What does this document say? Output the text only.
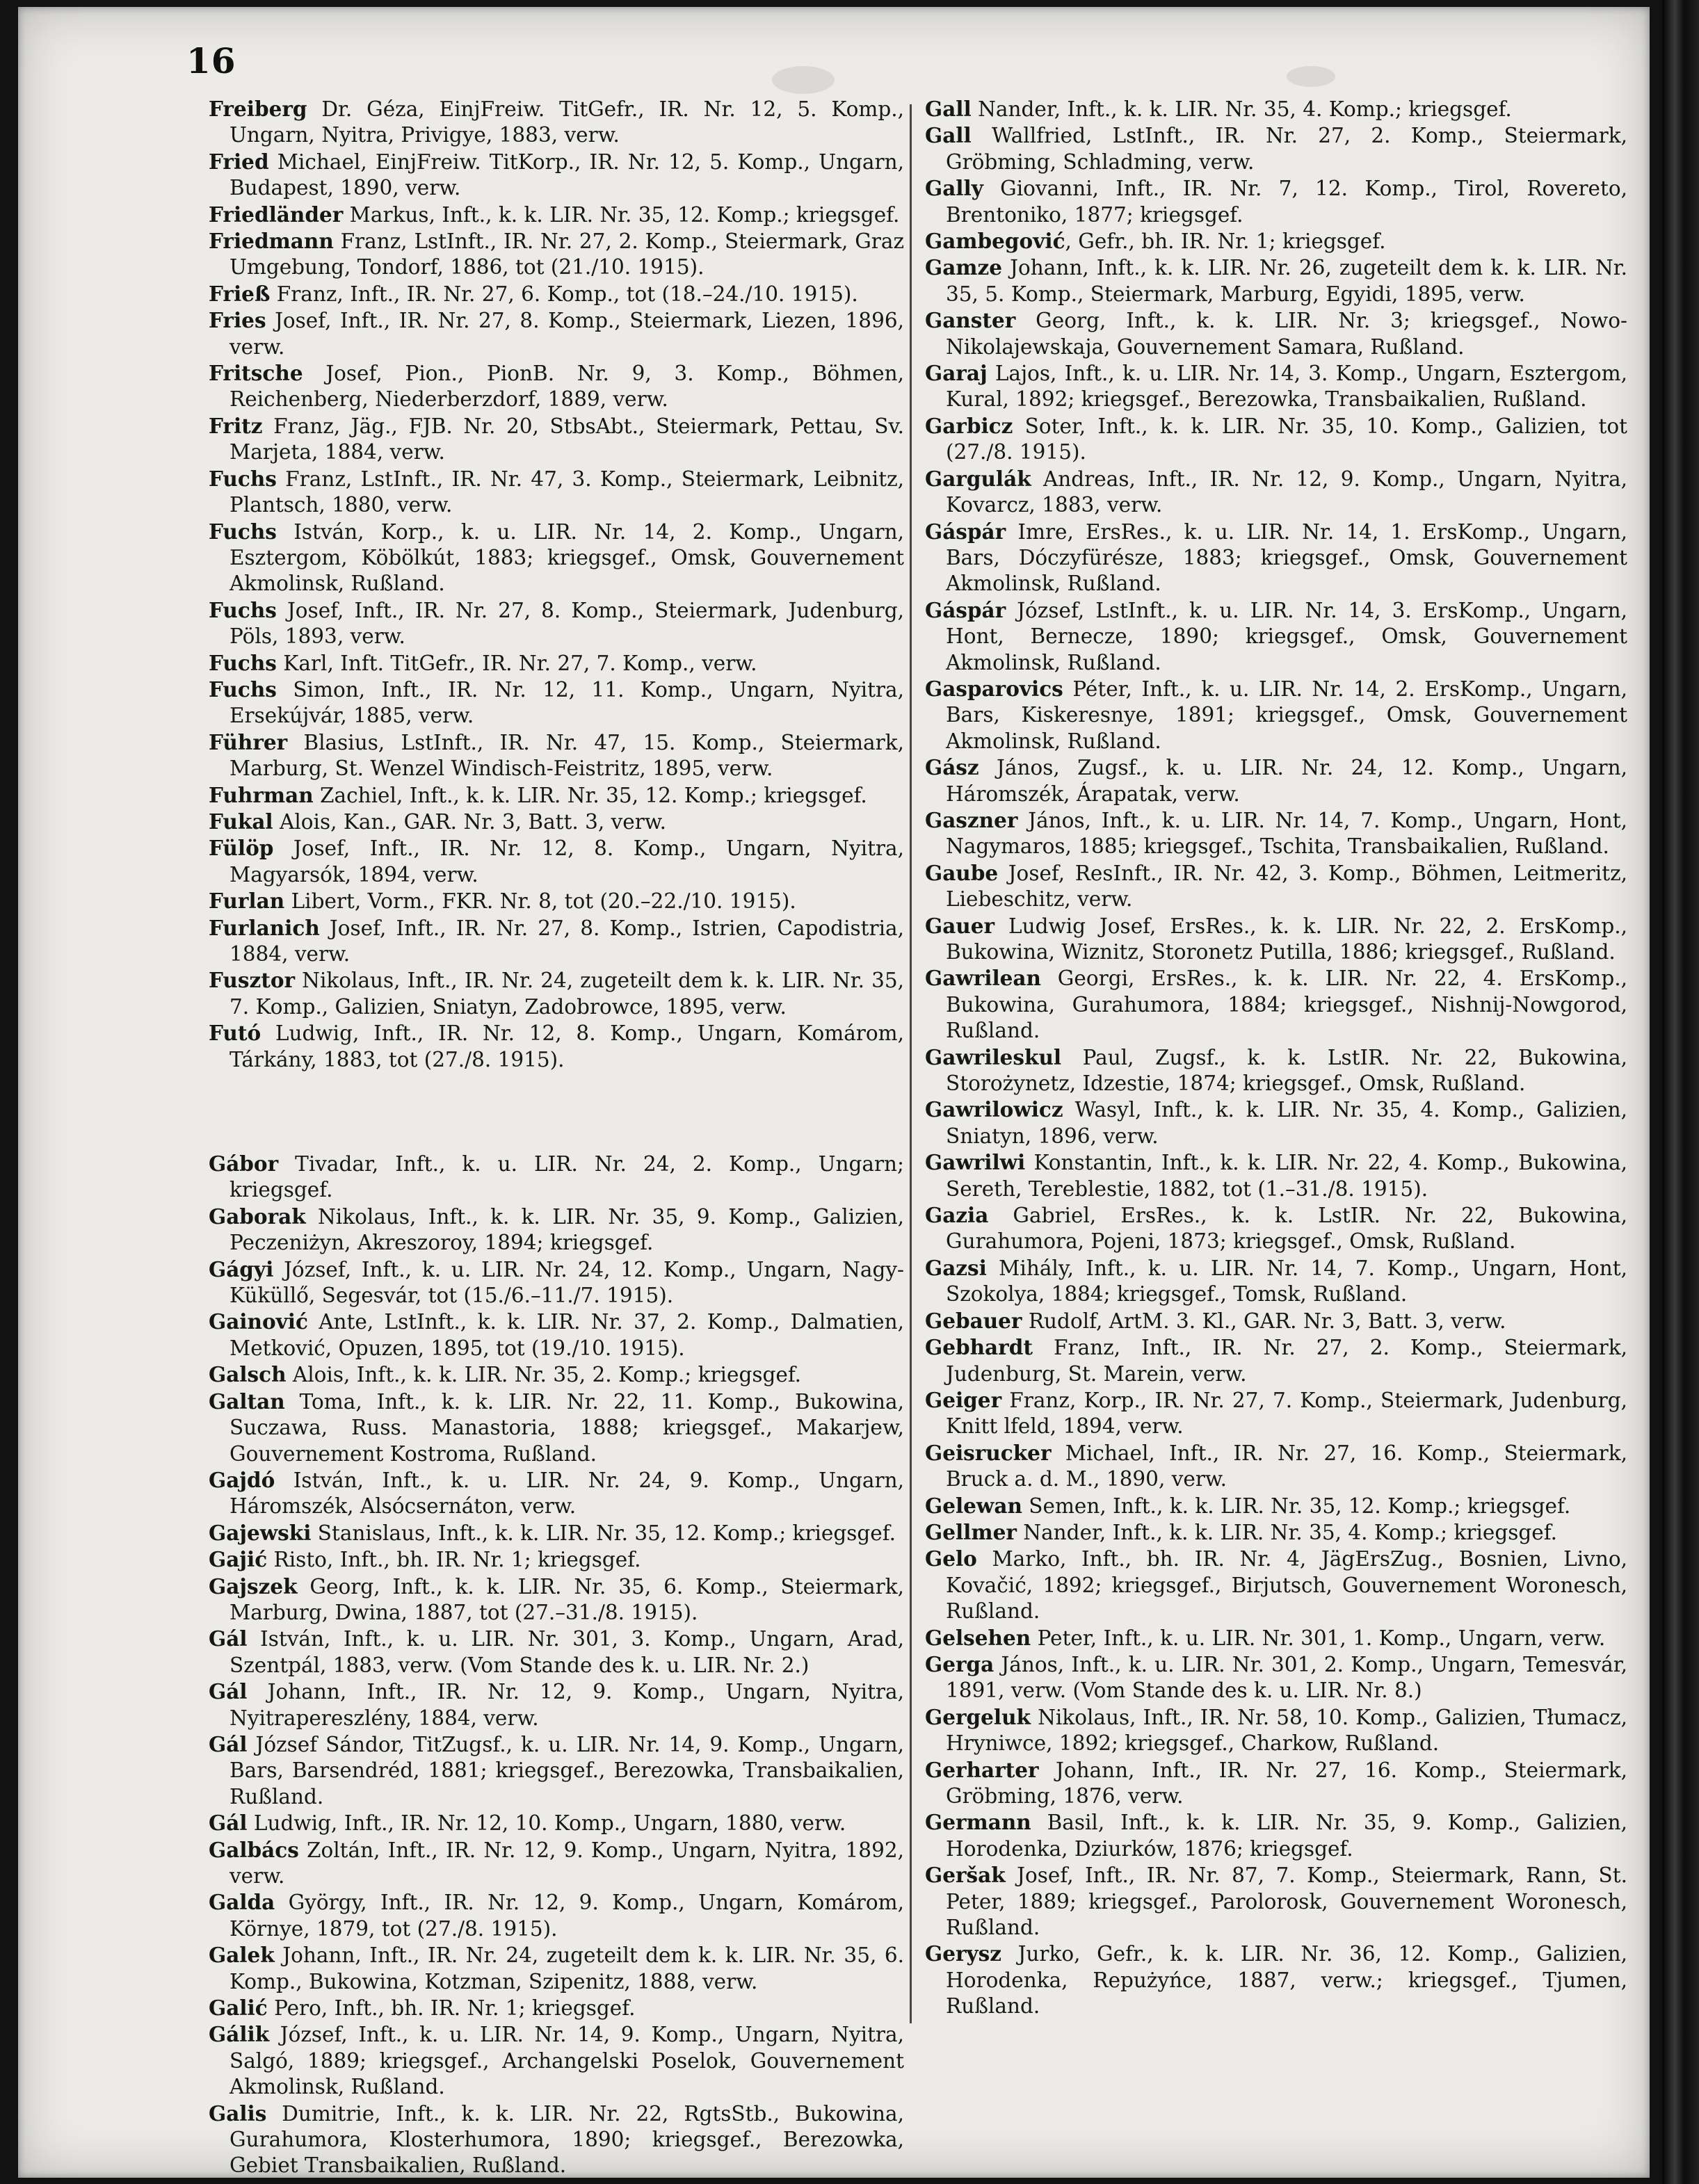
16

Freiberg Dr. Géza, EinjFreiw. TitGefr., IR. Nr. 12, 5. Komp., Ungarn, Nyitra, Privigye, 1883, verw.

Fried Michael, EinjFreiw. TitKorp., IR. Nr. 12, 5. Komp., Ungarn, Budapest, 1890, verw.

Friedländer Markus, Inft., k. k. LIR. Nr. 35, 12. Komp.; kriegsgef.

Friedmann Franz, LstInft., IR. Nr. 27, 2. Komp., Steiermark, Graz Umgebung, Tondorf, 1886, tot (21./10. 1915).

Frieß Franz, Inft., IR. Nr. 27, 6. Komp., tot (18.–24./10. 1915).

Fries Josef, Inft., IR. Nr. 27, 8. Komp., Steiermark, Liezen, 1896, verw.

Fritsche Josef, Pion., PionB. Nr. 9, 3. Komp., Böhmen, Reichenberg, Niederberzdorf, 1889, verw.

Fritz Franz, Jäg., FJB. Nr. 20, StbsAbt., Steiermark, Pettau, Sv. Marjeta, 1884, verw.

Fuchs Franz, LstInft., IR. Nr. 47, 3. Komp., Steiermark, Leibnitz, Plantsch, 1880, verw.

Fuchs István, Korp., k. u. LIR. Nr. 14, 2. Komp., Ungarn, Esztergom, Köbölkút, 1883; kriegsgef., Omsk, Gouvernement Akmolinsk, Rußland.

Fuchs Josef, Inft., IR. Nr. 27, 8. Komp., Steiermark, Judenburg, Pöls, 1893, verw.

Fuchs Karl, Inft. TitGefr., IR. Nr. 27, 7. Komp., verw.

Fuchs Simon, Inft., IR. Nr. 12, 11. Komp., Ungarn, Nyitra, Ersekújvár, 1885, verw.

Führer Blasius, LstInft., IR. Nr. 47, 15. Komp., Steiermark, Marburg, St. Wenzel Windisch-Feistritz, 1895, verw.

Fuhrman Zachiel, Inft., k. k. LIR. Nr. 35, 12. Komp.; kriegsgef.

Fukal Alois, Kan., GAR. Nr. 3, Batt. 3, verw.

Fülöp Josef, Inft., IR. Nr. 12, 8. Komp., Ungarn, Nyitra, Magyarsók, 1894, verw.

Furlan Libert, Vorm., FKR. Nr. 8, tot (20.–22./10. 1915).

Furlanich Josef, Inft., IR. Nr. 27, 8. Komp., Istrien, Capodistria, 1884, verw.

Fusztor Nikolaus, Inft., IR. Nr. 24, zugeteilt dem k. k. LIR. Nr. 35, 7. Komp., Galizien, Sniatyn, Zadobrowce, 1895, verw.

Futó Ludwig, Inft., IR. Nr. 12, 8. Komp., Ungarn, Komárom, Tárkány, 1883, tot (27./8. 1915).

Gábor Tivadar, Inft., k. u. LIR. Nr. 24, 2. Komp., Ungarn; kriegsgef.

Gaborak Nikolaus, Inft., k. k. LIR. Nr. 35, 9. Komp., Galizien, Peczeniżyn, Akreszoroy, 1894; kriegsgef.

Gágyi József, Inft., k. u. LIR. Nr. 24, 12. Komp., Ungarn, Nagy-Küküllő, Segesvár, tot (15./6.–11./7. 1915).

Gainović Ante, LstInft., k. k. LIR. Nr. 37, 2. Komp., Dalmatien, Metković, Opuzen, 1895, tot (19./10. 1915).

Galsch Alois, Inft., k. k. LIR. Nr. 35, 2. Komp.; kriegsgef.

Galtan Toma, Inft., k. k. LIR. Nr. 22, 11. Komp., Bukowina, Suczawa, Russ. Manastoria, 1888; kriegsgef., Makarjew, Gouvernement Kostroma, Rußland.

Gajdó István, Inft., k. u. LIR. Nr. 24, 9. Komp., Ungarn, Háromszék, Alsócsernáton, verw.

Gajewski Stanislaus, Inft., k. k. LIR. Nr. 35, 12. Komp.; kriegsgef.

Gajić Risto, Inft., bh. IR. Nr. 1; kriegsgef.

Gajszek Georg, Inft., k. k. LIR. Nr. 35, 6. Komp., Steiermark, Marburg, Dwina, 1887, tot (27.–31./8. 1915).

Gál István, Inft., k. u. LIR. Nr. 301, 3. Komp., Ungarn, Arad, Szentpál, 1883, verw. (Vom Stande des k. u. LIR. Nr. 2.)

Gál Johann, Inft., IR. Nr. 12, 9. Komp., Ungarn, Nyitra, Nyitrapereszlény, 1884, verw.

Gál József Sándor, TitZugsf., k. u. LIR. Nr. 14, 9. Komp., Ungarn, Bars, Barsendréd, 1881; kriegsgef., Berezowka, Transbaikalien, Rußland.

Gál Ludwig, Inft., IR. Nr. 12, 10. Komp., Ungarn, 1880, verw.

Galbács Zoltán, Inft., IR. Nr. 12, 9. Komp., Ungarn, Nyitra, 1892, verw.

Galda György, Inft., IR. Nr. 12, 9. Komp., Ungarn, Komárom, Környe, 1879, tot (27./8. 1915).

Galek Johann, Inft., IR. Nr. 24, zugeteilt dem k. k. LIR. Nr. 35, 6. Komp., Bukowina, Kotzman, Szipenitz, 1888, verw.

Galić Pero, Inft., bh. IR. Nr. 1; kriegsgef.

Gálik József, Inft., k. u. LIR. Nr. 14, 9. Komp., Ungarn, Nyitra, Salgó, 1889; kriegsgef., Archangelski Poselok, Gouvernement Akmolinsk, Rußland.

Galis Dumitrie, Inft., k. k. LIR. Nr. 22, RgtsStb., Bukowina, Gurahumora, Klosterhumora, 1890; kriegsgef., Berezowka, Gebiet Transbaikalien, Rußland.

Gall Nander, Inft., k. k. LIR. Nr. 35, 4. Komp.; kriegsgef.

Gall Wallfried, LstInft., IR. Nr. 27, 2. Komp., Steiermark, Gröbming, Schladming, verw.

Gally Giovanni, Inft., IR. Nr. 7, 12. Komp., Tirol, Rovereto, Brentoniko, 1877; kriegsgef.

Gambegović, Gefr., bh. IR. Nr. 1; kriegsgef.

Gamze Johann, Inft., k. k. LIR. Nr. 26, zugeteilt dem k. k. LIR. Nr. 35, 5. Komp., Steiermark, Marburg, Egyidi, 1895, verw.

Ganster Georg, Inft., k. k. LIR. Nr. 3; kriegsgef., Nowo-Nikolajewskaja, Gouvernement Samara, Rußland.

Garaj Lajos, Inft., k. u. LIR. Nr. 14, 3. Komp., Ungarn, Esztergom, Kural, 1892; kriegsgef., Berezowka, Transbaikalien, Rußland.

Garbicz Soter, Inft., k. k. LIR. Nr. 35, 10. Komp., Galizien, tot (27./8. 1915).

Gargulák Andreas, Inft., IR. Nr. 12, 9. Komp., Ungarn, Nyitra, Kovarcz, 1883, verw.

Gáspár Imre, ErsRes., k. u. LIR. Nr. 14, 1. ErsKomp., Ungarn, Bars, Dóczyfürésze, 1883; kriegsgef., Omsk, Gouvernement Akmolinsk, Rußland.

Gáspár József, LstInft., k. u. LIR. Nr. 14, 3. ErsKomp., Ungarn, Hont, Bernecze, 1890; kriegsgef., Omsk, Gouvernement Akmolinsk, Rußland.

Gasparovics Péter, Inft., k. u. LIR. Nr. 14, 2. ErsKomp., Ungarn, Bars, Kiskeresnye, 1891; kriegsgef., Omsk, Gouvernement Akmolinsk, Rußland.

Gász János, Zugsf., k. u. LIR. Nr. 24, 12. Komp., Ungarn, Háromszék, Árapatak, verw.

Gaszner János, Inft., k. u. LIR. Nr. 14, 7. Komp., Ungarn, Hont, Nagymaros, 1885; kriegsgef., Tschita, Transbaikalien, Rußland.

Gaube Josef, ResInft., IR. Nr. 42, 3. Komp., Böhmen, Leitmeritz, Liebeschitz, verw.

Gauer Ludwig Josef, ErsRes., k. k. LIR. Nr. 22, 2. ErsKomp., Bukowina, Wiznitz, Storonetz Putilla, 1886; kriegsgef., Rußland.

Gawrilean Georgi, ErsRes., k. k. LIR. Nr. 22, 4. ErsKomp., Bukowina, Gurahumora, 1884; kriegsgef., Nishnij-Nowgorod, Rußland.

Gawrileskul Paul, Zugsf., k. k. LstIR. Nr. 22, Bukowina, Storożynetz, Idzestie, 1874; kriegsgef., Omsk, Rußland.

Gawrilowicz Wasyl, Inft., k. k. LIR. Nr. 35, 4. Komp., Galizien, Sniatyn, 1896, verw.

Gawrilwi Konstantin, Inft., k. k. LIR. Nr. 22, 4. Komp., Bukowina, Sereth, Tereblestie, 1882, tot (1.–31./8. 1915).

Gazia Gabriel, ErsRes., k. k. LstIR. Nr. 22, Bukowina, Gurahumora, Pojeni, 1873; kriegsgef., Omsk, Rußland.

Gazsi Mihály, Inft., k. u. LIR. Nr. 14, 7. Komp., Ungarn, Hont, Szokolya, 1884; kriegsgef., Tomsk, Rußland.

Gebauer Rudolf, ArtM. 3. Kl., GAR. Nr. 3, Batt. 3, verw.

Gebhardt Franz, Inft., IR. Nr. 27, 2. Komp., Steiermark, Judenburg, St. Marein, verw.

Geiger Franz, Korp., IR. Nr. 27, 7. Komp., Steiermark, Judenburg, Knitt lfeld, 1894, verw.

Geisrucker Michael, Inft., IR. Nr. 27, 16. Komp., Steiermark, Bruck a. d. M., 1890, verw.

Gelewan Semen, Inft., k. k. LIR. Nr. 35, 12. Komp.; kriegsgef.

Gellmer Nander, Inft., k. k. LIR. Nr. 35, 4. Komp.; kriegsgef.

Gelo Marko, Inft., bh. IR. Nr. 4, JägErsZug., Bosnien, Livno, Kovačić, 1892; kriegsgef., Birjutsch, Gouvernement Woronesch, Rußland.

Gelsehen Peter, Inft., k. u. LIR. Nr. 301, 1. Komp., Ungarn, verw.

Gerga János, Inft., k. u. LIR. Nr. 301, 2. Komp., Ungarn, Temesvár, 1891, verw. (Vom Stande des k. u. LIR. Nr. 8.)

Gergeluk Nikolaus, Inft., IR. Nr. 58, 10. Komp., Galizien, Tłumacz, Hryniwce, 1892; kriegsgef., Charkow, Rußland.

Gerharter Johann, Inft., IR. Nr. 27, 16. Komp., Steiermark, Gröbming, 1876, verw.

Germann Basil, Inft., k. k. LIR. Nr. 35, 9. Komp., Galizien, Horodenka, Dziurków, 1876; kriegsgef.

Geršak Josef, Inft., IR. Nr. 87, 7. Komp., Steiermark, Rann, St. Peter, 1889; kriegsgef., Parolorosk, Gouvernement Woronesch, Rußland.

Gerysz Jurko, Gefr., k. k. LIR. Nr. 36, 12. Komp., Galizien, Horodenka, Repużyńce, 1887, verw.; kriegsgef., Tjumen, Rußland.
